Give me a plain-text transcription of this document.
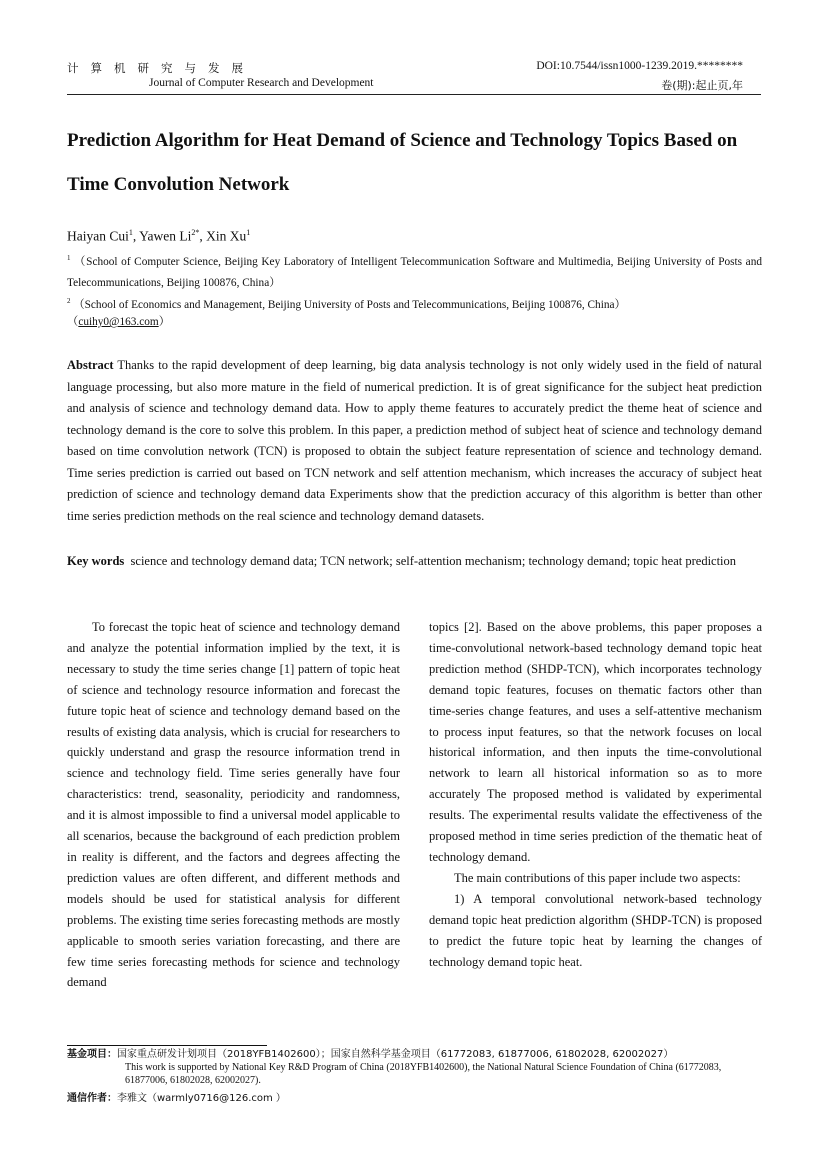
计算机研究与发展
Journal of Computer Research and Development
DOI:10.7544/issn1000-1239.2019.********
卷(期):起止页,年
Prediction Algorithm for Heat Demand of Science and Technology Topics Based on Time Convolution Network
Haiyan Cui$^1$, Yawen $Li^{2*}$, Xin Xu$^1$
$^1$ （School of Computer Science, Beijing Key Laboratory of Intelligent Telecommunication Software and Multimedia, Beijing University of Posts and Telecommunications, Beijing 100876, China）
$^2$ （School of Economics and Management, Beijing University of Posts and Telecommunications, Beijing 100876, China）
（cuihy0@163.com）

Abstract Thanks to the rapid development of deep learning, big data analysis technology is not only widely used in the field of natural language processing, but also more mature in the field of numerical prediction. It is of great significance for the subject heat prediction and analysis of science and technology demand data. How to apply theme features to accurately predict the theme heat of science and technology demand is the core to solve this problem. In this paper, a prediction method of subject heat of science and technology demand based on time convolution network (TCN) is proposed to obtain the subject feature representation of science and technology demand. Time series prediction is carried out based on TCN network and self attention mechanism, which increases the accuracy of subject heat prediction of science and technology demand data Experiments show that the prediction accuracy of this algorithm is better than other time series prediction methods on the real science and technology demand datasets.

Key words science and technology demand data; TCN network; self-attention mechanism; technology demand; topic heat prediction

To forecast the topic heat of science and technology demand and analyze the potential information implied by the text, it is necessary to study the time series change [1] pattern of topic heat of science and technology resource information and forecast the future topic heat of science and technology demand based on the results of existing data analysis, which is crucial for researchers to quickly understand and grasp the resource information trend in science and technology field. Time series generally have four characteristics: trend, seasonality, periodicity and randomness, and it is almost impossible to find a universal model applicable to all scenarios, because the background of each prediction problem in reality is different, and the factors and degrees affecting the prediction values are often different, and different methods and models should be used for statistical analysis for different problems. The existing time series forecasting methods are mostly applicable to smooth series variation forecasting, and there are few time series forecasting methods for science and technology demand

topics [2]. Based on the above problems, this paper proposes a time-convolutional network-based technology demand topic heat prediction method (SHDP-TCN), which incorporates technology demand topic features, focuses on thematic factors other than time-series change features, and uses a self-attentive mechanism to process input features, so that the network focuses on local historical information, and then inputs the time-convolutional network to learn all historical information so as to more accurately The proposed method is validated by experimental results. The experimental results validate the effectiveness of the proposed method in time series prediction of the thematic heat of technology demand.

The main contributions of this paper include two aspects:

1) A temporal convolutional network-based technology demand topic heat prediction algorithm (SHDP-TCN) is proposed to predict the future topic heat by learning the changes of technology demand topic heat.

基金项目：国家重点研发计划项目（2018YFB1402600）；国家自然科学基金项目（61772083, 61877006, 61802028, 62002027）
This work is supported by National Key R&D Program of China (2018YFB1402600), the National Natural Science Foundation of China (61772083, 61877006, 61802028, 62002027).
通信作者：李雅文（warmly0716@126.com ）
